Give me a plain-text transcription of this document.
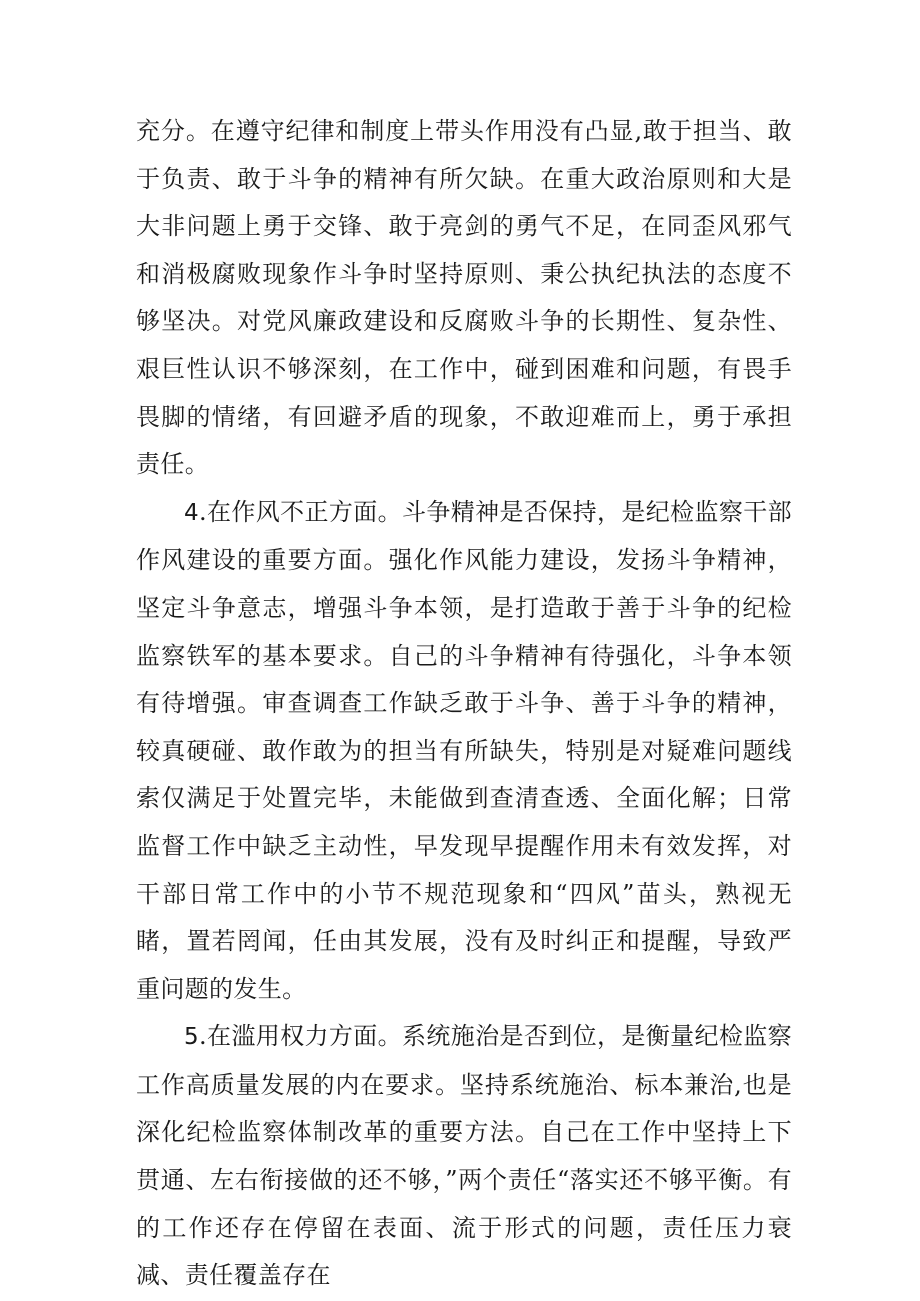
充分。在遵守纪律和制度上带头作用没有凸显,敢于担当、敢于负责、敢于斗争的精神有所欠缺。在重大政治原则和大是大非问题上勇于交锋、敢于亮剑的勇气不足，在同歪风邪气和消极腐败现象作斗争时坚持原则、秉公执纪执法的态度不够坚决。对党风廉政建设和反腐败斗争的长期性、复杂性、艰巨性认识不够深刻，在工作中，碰到困难和问题，有畏手畏脚的情绪，有回避矛盾的现象，不敢迎难而上，勇于承担责任。

4.在作风不正方面。斗争精神是否保持，是纪检监察干部作风建设的重要方面。强化作风能力建设，发扬斗争精神，坚定斗争意志，增强斗争本领，是打造敢于善于斗争的纪检监察铁军的基本要求。自己的斗争精神有待强化，斗争本领有待增强。审查调查工作缺乏敢于斗争、善于斗争的精神，较真硬碰、敢作敢为的担当有所缺失，特别是对疑难问题线索仅满足于处置完毕，未能做到查清查透、全面化解；日常监督工作中缺乏主动性，早发现早提醒作用未有效发挥，对干部日常工作中的小节不规范现象和“四风”苗头，熟视无睹，置若罔闻，任由其发展，没有及时纠正和提醒，导致严重问题的发生。

5.在滥用权力方面。系统施治是否到位，是衡量纪检监察工作高质量发展的内在要求。坚持系统施治、标本兼治,也是深化纪检监察体制改革的重要方法。自己在工作中坚持上下贯通、左右衔接做的还不够，”两个责任“落实还不够平衡。有的工作还存在停留在表面、流于形式的问题，责任压力衰减、责任覆盖存在
